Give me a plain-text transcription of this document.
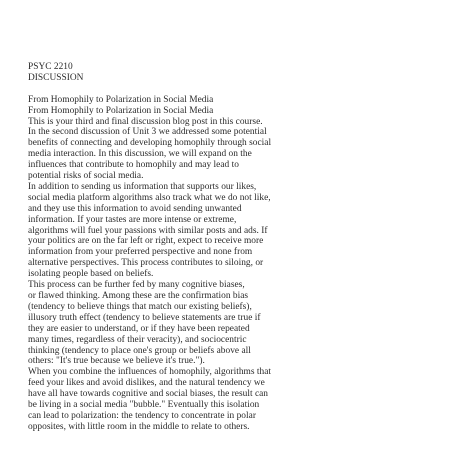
PSYC 2210
DISCUSSION
From Homophily to Polarization in Social Media
From Homophily to Polarization in Social Media
This is your third and final discussion blog post in this course.
In the second discussion of Unit 3 we addressed some potential
benefits of connecting and developing homophily through social
media interaction. In this discussion, we will expand on the
influences that contribute to homophily and may lead to
potential risks of social media.
In addition to sending us information that supports our likes,
social media platform algorithms also track what we do not like,
and they use this information to avoid sending unwanted
information. If your tastes are more intense or extreme,
algorithms will fuel your passions with similar posts and ads. If
your politics are on the far left or right, expect to receive more
information from your preferred perspective and none from
alternative perspectives. This process contributes to siloing, or
isolating people based on beliefs.
This process can be further fed by many cognitive biases,
or flawed thinking. Among these are the confirmation bias
(tendency to believe things that match our existing beliefs),
illusory truth effect (tendency to believe statements are true if
they are easier to understand, or if they have been repeated
many times, regardless of their veracity), and sociocentric
thinking (tendency to place one's group or beliefs above all
others: "It's true because we believe it's true.").
When you combine the influences of homophily, algorithms that
feed your likes and avoid dislikes, and the natural tendency we
have all have towards cognitive and social biases, the result can
be living in a social media "bubble." Eventually this isolation
can lead to polarization: the tendency to concentrate in polar
opposites, with little room in the middle to relate to others.
